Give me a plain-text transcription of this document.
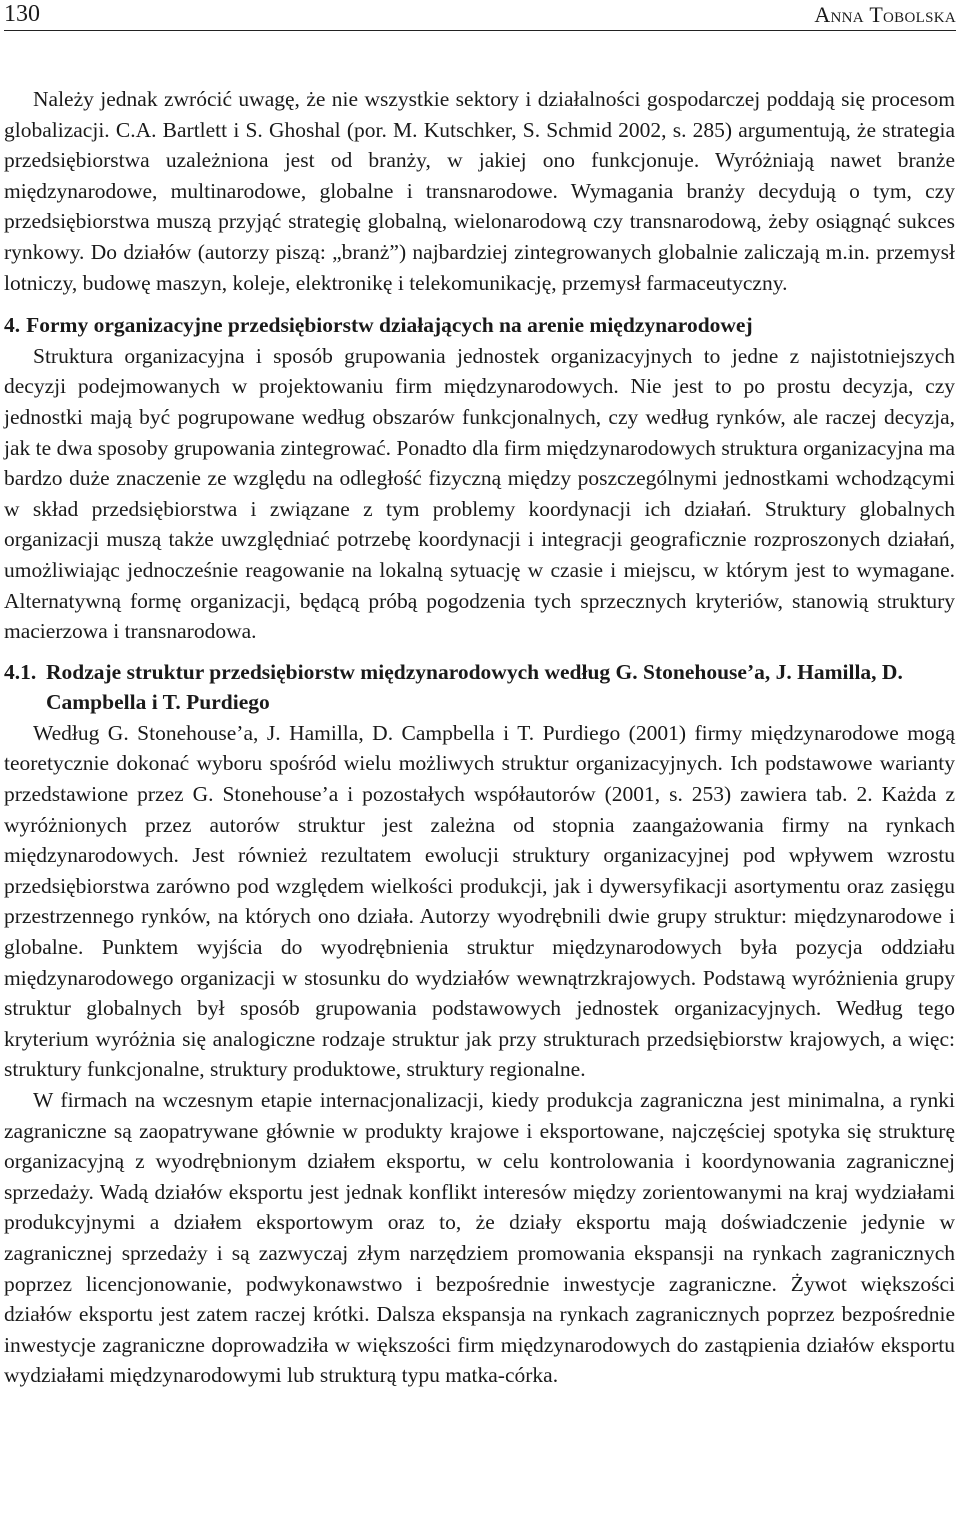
130	Anna Tobolska

Należy jednak zwrócić uwagę, że nie wszystkie sektory i działalności gospodarczej poddają się procesom globalizacji. C.A. Bartlett i S. Ghoshal (por. M. Kutschker, S. Schmid 2002, s. 285) argumentują, że strategia przedsiębiorstwa uzależniona jest od branży, w jakiej ono funkcjonuje. Wyróżniają nawet branże międzynarodowe, multinarodowe, globalne i transnarodowe. Wymagania branży decydują o tym, czy przedsiębiorstwa muszą przyjąć strategię globalną, wielonarodową czy transnarodową, żeby osiągnąć sukces rynkowy. Do działów (autorzy piszą: „branż”) najbardziej zintegrowanych globalnie zaliczają m.in. przemysł lotniczy, budowę maszyn, koleje, elektronikę i telekomunikację, przemysł farmaceutyczny.

4. Formy organizacyjne przedsiębiorstw działających na arenie międzynarodowej

Struktura organizacyjna i sposób grupowania jednostek organizacyjnych to jedne z najistotniejszych decyzji podejmowanych w projektowaniu firm międzynarodowych. Nie jest to po prostu decyzja, czy jednostki mają być pogrupowane według obszarów funkcjonalnych, czy według rynków, ale raczej decyzja, jak te dwa sposoby grupowania zintegrować. Ponadto dla firm międzynarodowych struktura organizacyjna ma bardzo duże znaczenie ze względu na odległość fizyczną między poszczególnymi jednostkami wchodzącymi w skład przedsiębiorstwa i związane z tym problemy koordynacji ich działań. Struktury globalnych organizacji muszą także uwzględniać potrzebę koordynacji i integracji geograficznie rozproszonych działań, umożliwiając jednocześnie reagowanie na lokalną sytuację w czasie i miejscu, w którym jest to wymagane. Alternatywną formę organizacji, będącą próbą pogodzenia tych sprzecznych kryteriów, stanowią struktury macierzowa i transnarodowa.

4.1. Rodzaje struktur przedsiębiorstw międzynarodowych według G. Stonehouse’a, J. Hamilla, D. Campbella i T. Purdiego

Według G. Stonehouse’a, J. Hamilla, D. Campbella i T. Purdiego (2001) firmy międzynarodowe mogą teoretycznie dokonać wyboru spośród wielu możliwych struktur organizacyjnych. Ich podstawowe warianty przedstawione przez G. Stonehouse’a i pozostałych współautorów (2001, s. 253) zawiera tab. 2. Każda z wyróżnionych przez autorów struktur jest zależna od stopnia zaangażowania firmy na rynkach międzynarodowych. Jest również rezultatem ewolucji struktury organizacyjnej pod wpływem wzrostu przedsiębiorstwa zarówno pod względem wielkości produkcji, jak i dywersyfikacji asortymentu oraz zasięgu przestrzennego rynków, na których ono działa. Autorzy wyodrębnili dwie grupy struktur: międzynarodowe i globalne. Punktem wyjścia do wyodrębnienia struktur międzynarodowych była pozycja oddziału międzynarodowego organizacji w stosunku do wydziałów wewnątrzkrajowych. Podstawą wyróżnienia grupy struktur globalnych był sposób grupowania podstawowych jednostek organizacyjnych. Według tego kryterium wyróżnia się analogiczne rodzaje struktur jak przy strukturach przedsiębiorstw krajowych, a więc: struktury funkcjonalne, struktury produktowe, struktury regionalne.

W firmach na wczesnym etapie internacjonalizacji, kiedy produkcja zagraniczna jest minimalna, a rynki zagraniczne są zaopatrywane głównie w produkty krajowe i eksportowane, najczęściej spotyka się strukturę organizacyjną z wyodrębnionym działem eksportu, w celu kontrolowania i koordynowania zagranicznej sprzedaży. Wadą działów eksportu jest jednak konflikt interesów między zorientowanymi na kraj wydziałami produkcyjnymi a działem eksportowym oraz to, że działy eksportu mają doświadczenie jedynie w zagranicznej sprzedaży i są zazwyczaj złym narzędziem promowania ekspansji na rynkach zagranicznych poprzez licencjonowanie, podwykonawstwo i bezpośrednie inwestycje zagraniczne. Żywot większości działów eksportu jest zatem raczej krótki. Dalsza ekspansja na rynkach zagranicznych poprzez bezpośrednie inwestycje zagraniczne doprowadziła w większości firm międzynarodowych do zastąpienia działów eksportu wydziałami międzynarodowymi lub strukturą typu matka-córka.
